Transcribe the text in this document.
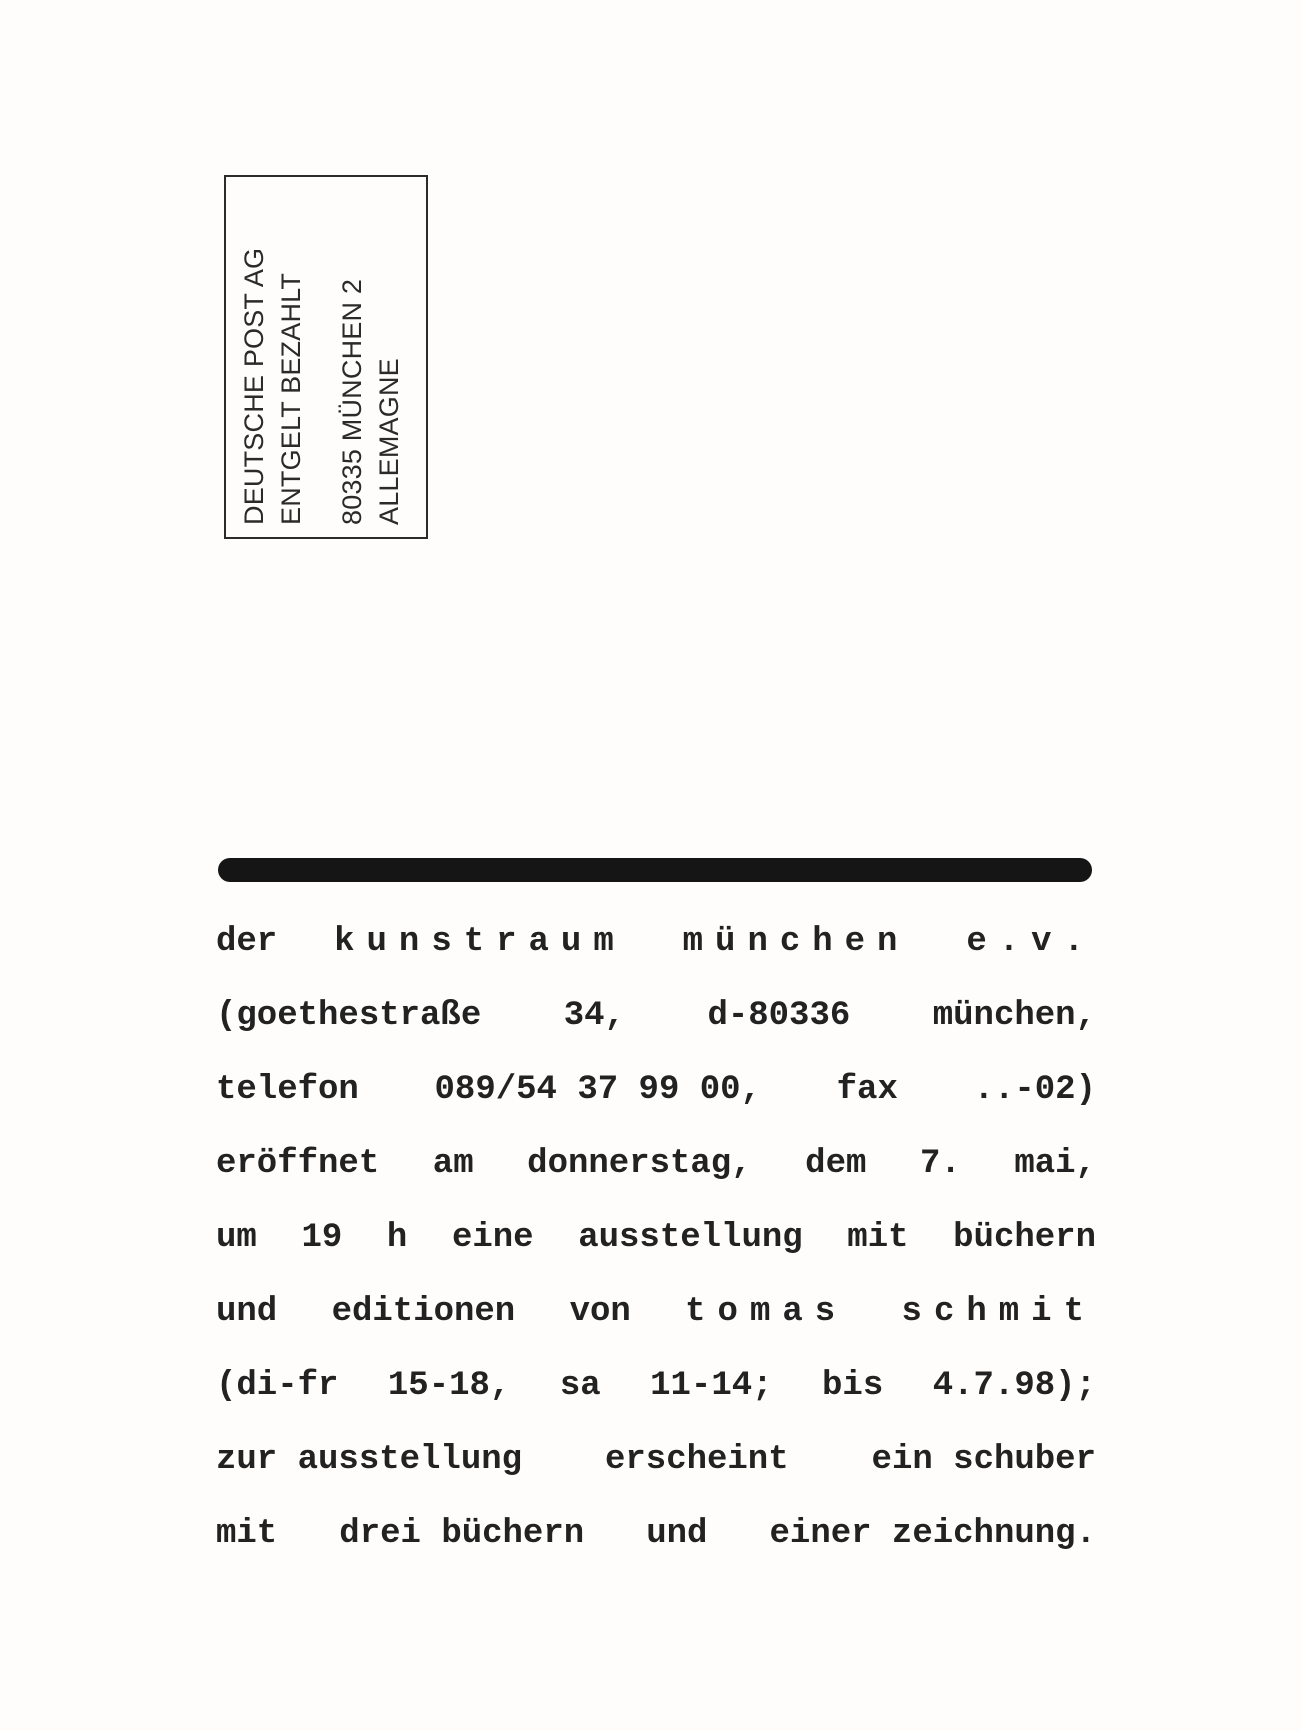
DEUTSCHE POST AG ENTGELT BEZAHLT 80335 MÜNCHEN 2 ALLEMAGNE
der kunstraum münchen e.v.
(goethestraße 34, d-80336 münchen,
telefon 089/54 37 99 00, fax ..-02)
eröffnet am donnerstag, dem 7. mai,
um 19 h eine ausstellung mit büchern
und editionen von tomas schmit
(di-fr 15-18, sa 11-14; bis 4.7.98);
zur ausstellung erscheint ein schuber
mit drei büchern und einer zeichnung.
